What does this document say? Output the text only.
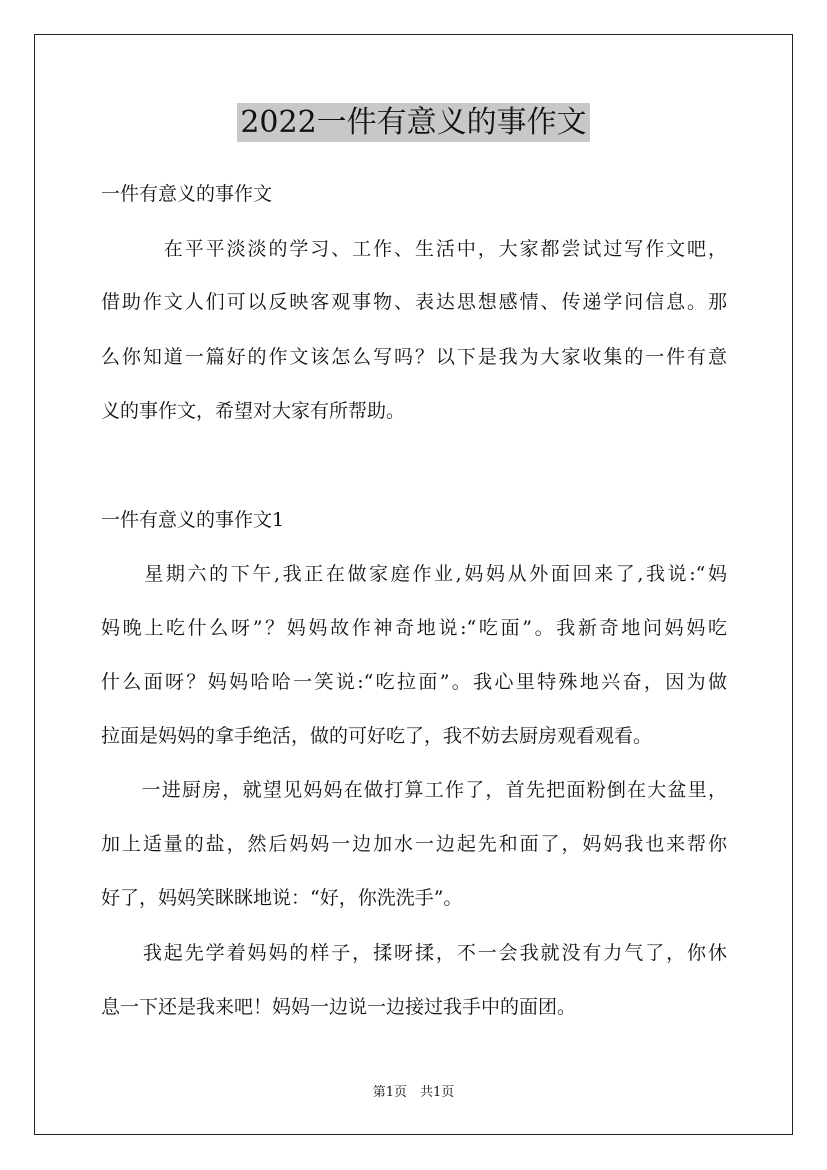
2022一件有意义的事作文
一件有意义的事作文
　　　在平平淡淡的学习、工作、生活中，大家都尝试过写作文吧，
借助作文人们可以反映客观事物、表达思想感情、传递学问信息。那
么你知道一篇好的作文该怎么写吗？以下是我为大家收集的一件有意
义的事作文，希望对大家有所帮助。
一件有意义的事作文1
　　星期六的下午,我正在做家庭作业,妈妈从外面回来了,我说:“妈
妈晚上吃什么呀”？妈妈故作神奇地说:“吃面”。我新奇地问妈妈吃
什么面呀？妈妈哈哈一笑说:“吃拉面”。我心里特殊地兴奋，因为做
拉面是妈妈的拿手绝活，做的可好吃了，我不妨去厨房观看观看。
　　一进厨房，就望见妈妈在做打算工作了，首先把面粉倒在大盆里，
加上适量的盐，然后妈妈一边加水一边起先和面了，妈妈我也来帮你
好了，妈妈笑眯眯地说：“好，你洗洗手”。
　　我起先学着妈妈的样子，揉呀揉，不一会我就没有力气了，你休
息一下还是我来吧！妈妈一边说一边接过我手中的面团。
第1页　共1页
